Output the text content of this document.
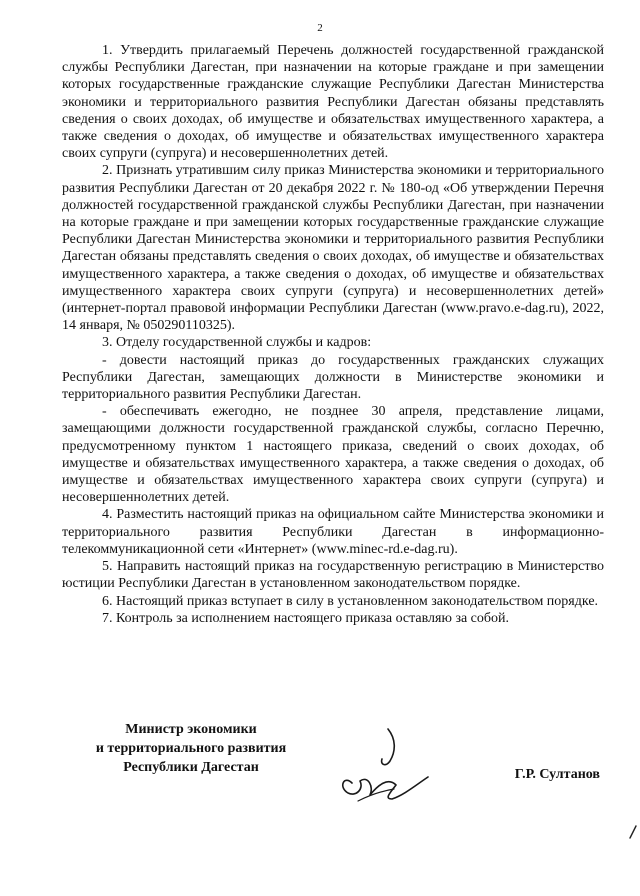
2

1. Утвердить прилагаемый Перечень должностей государственной гражданской службы Республики Дагестан, при назначении на которые граждане и при замещении которых государственные гражданские служащие Республики Дагестан Министерства экономики и территориального развития Республики Дагестан обязаны представлять сведения о своих доходах, об имуществе и обязательствах имущественного характера, а также сведения о доходах, об имуществе и обязательствах имущественного характера своих супруги (супруга) и несовершеннолетних детей.

2. Признать утратившим силу приказ Министерства экономики и территориального развития Республики Дагестан от 20 декабря 2022 г. № 180-од «Об утверждении Перечня должностей государственной гражданской службы Республики Дагестан, при назначении на которые граждане и при замещении которых государственные гражданские служащие Республики Дагестан Министерства экономики и территориального развития Республики Дагестан обязаны представлять сведения о своих доходах, об имуществе и обязательствах имущественного характера, а также сведения о доходах, об имуществе и обязательствах имущественного характера своих супруги (супруга) и несовершеннолетних детей» (интернет-портал правовой информации Республики Дагестан (www.pravo.e-dag.ru), 2022, 14 января, № 050290110325).

3. Отделу государственной службы и кадров:

- довести настоящий приказ до государственных гражданских служащих Республики Дагестан, замещающих должности в Министерстве экономики и территориального развития Республики Дагестан.

- обеспечивать ежегодно, не позднее 30 апреля, представление лицами, замещающими должности государственной гражданской службы, согласно Перечню, предусмотренному пунктом 1 настоящего приказа, сведений о своих доходах, об имуществе и обязательствах имущественного характера, а также сведения о доходах, об имуществе и обязательствах имущественного характера своих супруги (супруга) и несовершеннолетних детей.

4. Разместить настоящий приказ на официальном сайте Министерства экономики и территориального развития Республики Дагестан в информационно-телекоммуникационной сети «Интернет» (www.minec-rd.e-dag.ru).

5. Направить настоящий приказ на государственную регистрацию в Министерство юстиции Республики Дагестан в установленном законодательством порядке.

6. Настоящий приказ вступает в силу в установленном законодательством порядке.

7. Контроль за исполнением настоящего приказа оставляю за собой.

Министр экономики
и территориального развития
Республики Дагестан	Г.Р. Султанов
